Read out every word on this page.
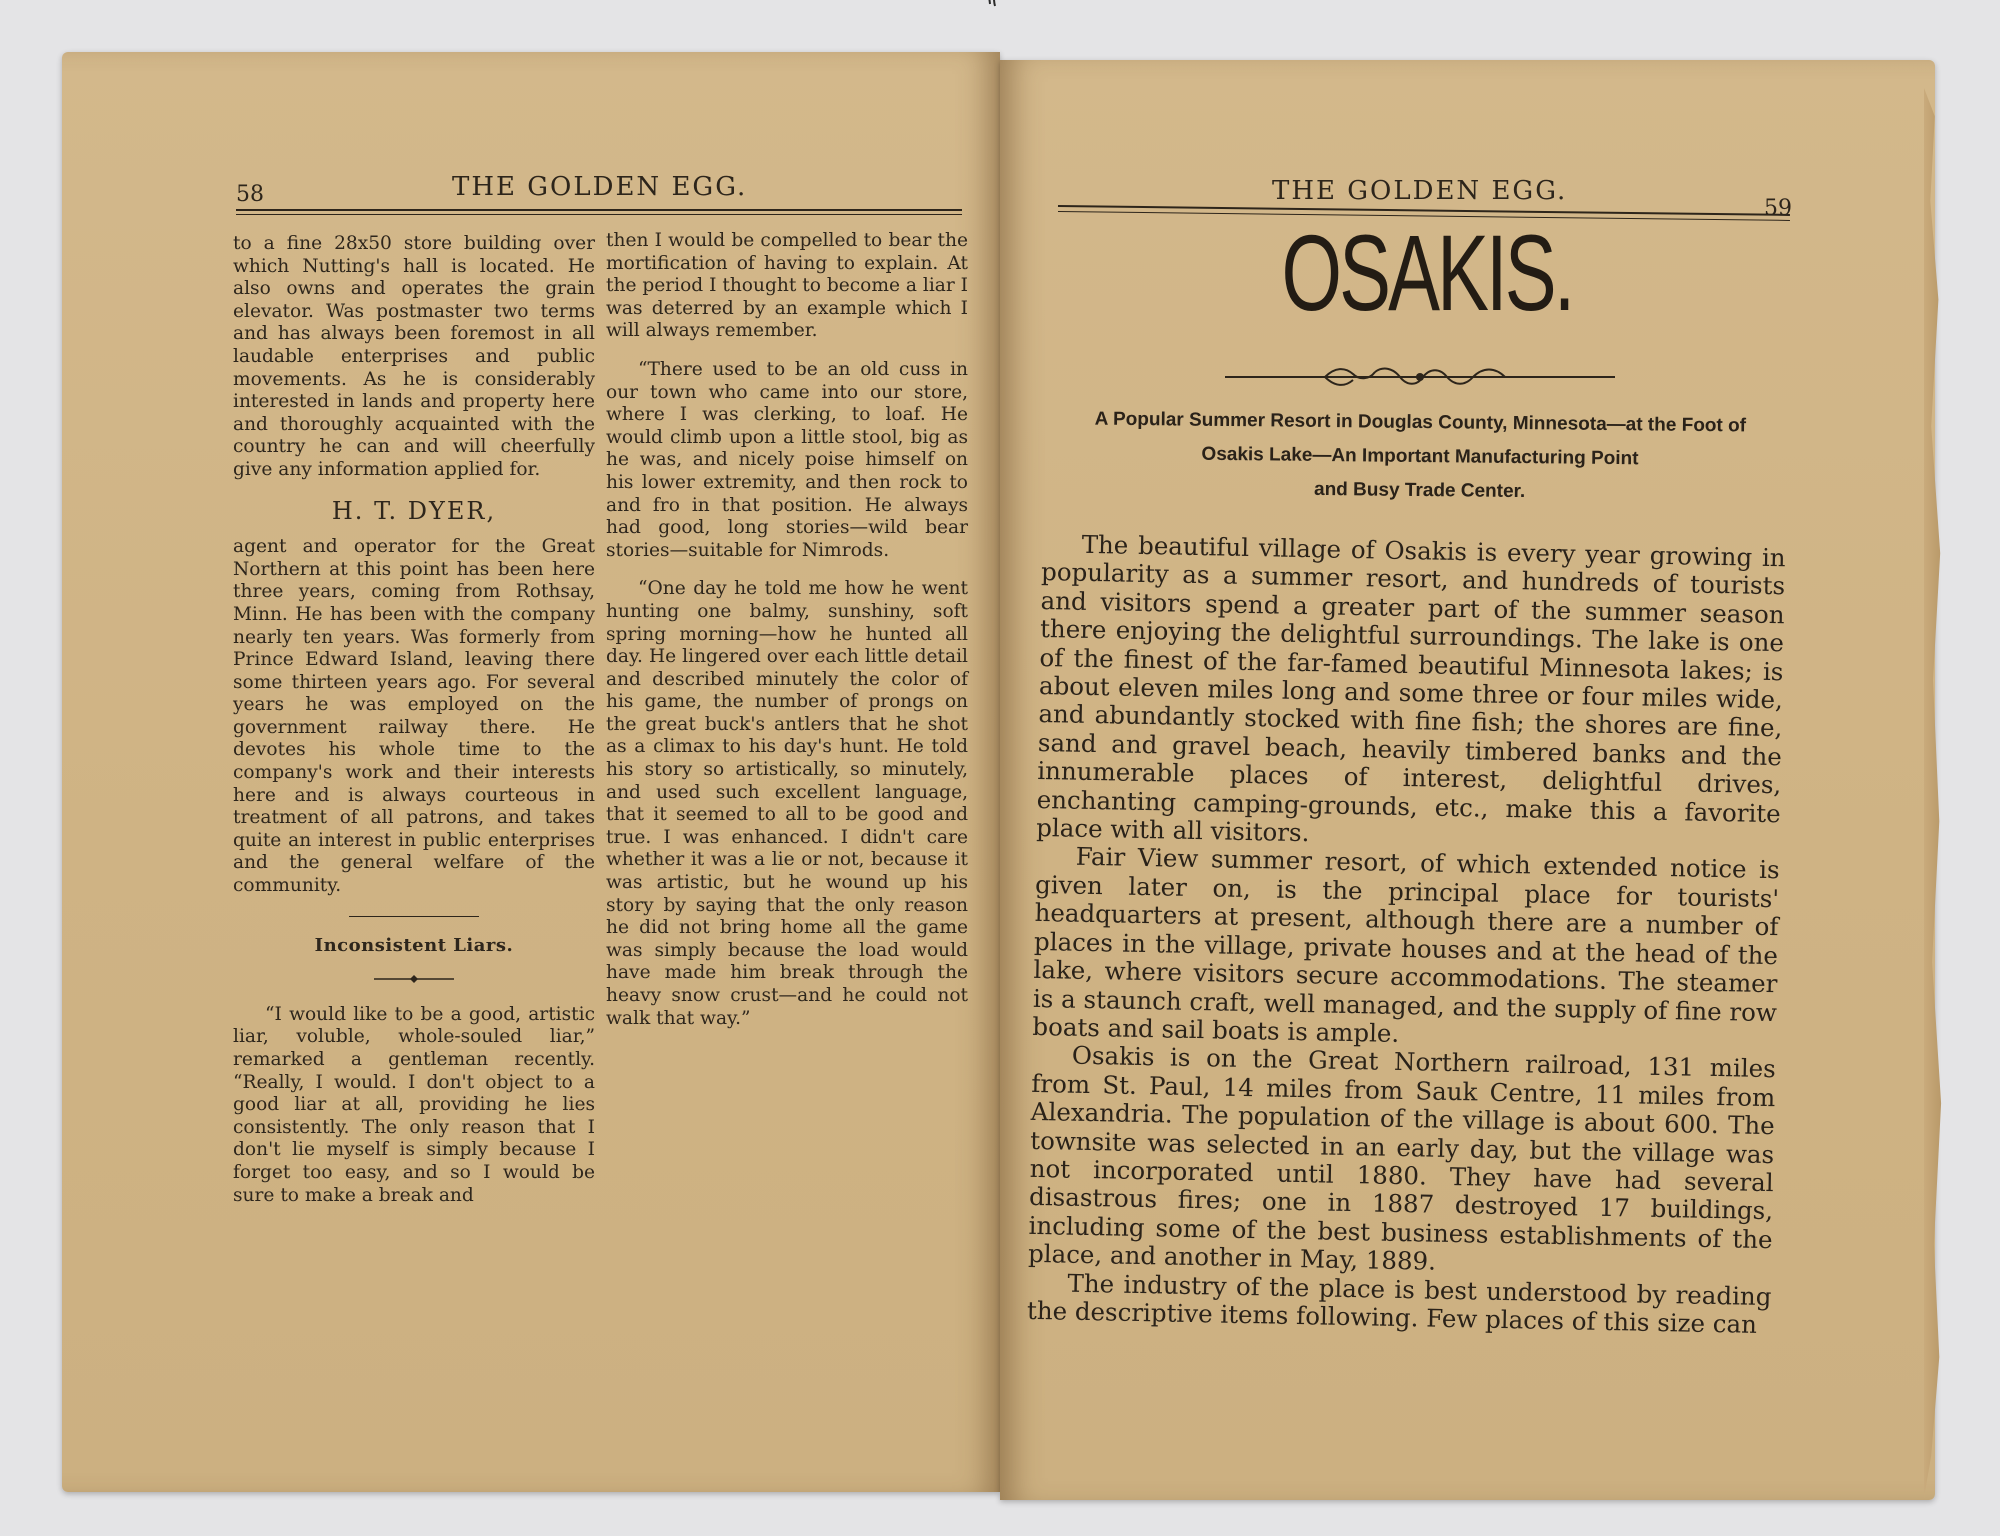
58	THE GOLDEN EGG.

to a fine 28x50 store building over which Nutting's hall is located. He also owns and operates the grain elevator. Was postmaster two terms and has always been foremost in all laudable enterprises and public movements. As he is considerably interested in lands and property here and thoroughly acquainted with the country he can and will cheerfully give any information applied for.

H. T. DYER,

agent and operator for the Great Northern at this point has been here three years, coming from Rothsay, Minn. He has been with the company nearly ten years. Was formerly from Prince Edward Island, leaving there some thirteen years ago. For several years he was employed on the government railway there. He devotes his whole time to the company's work and their interests here and is always courteous in treatment of all patrons, and takes quite an interest in public enterprises and the general welfare of the community.

Inconsistent Liars.

“I would like to be a good, artistic liar, voluble, whole-souled liar,” remarked a gentleman recently. “Really, I would. I don't object to a good liar at all, providing he lies consistently. The only reason that I don't lie myself is simply because I forget too easy, and so I would be sure to make a break and

then I would be compelled to bear the mortification of having to explain. At the period I thought to become a liar I was deterred by an example which I will always remember.

“There used to be an old cuss in our town who came into our store, where I was clerking, to loaf. He would climb upon a little stool, big as he was, and nicely poise himself on his lower extremity, and then rock to and fro in that position. He always had good, long stories—wild bear stories—suitable for Nimrods.

“One day he told me how he went hunting one balmy, sunshiny, soft spring morning—how he hunted all day. He lingered over each little detail and described minutely the color of his game, the number of prongs on the great buck's antlers that he shot as a climax to his day's hunt. He told his story so artistically, so minutely, and used such excellent language, that it seemed to all to be good and true. I was enhanced. I didn't care whether it was a lie or not, because it was artistic, but he wound up his story by saying that the only reason he did not bring home all the game was simply because the load would have made him break through the heavy snow crust—and he could not walk that way.”

THE GOLDEN EGG.
59
OSAKIS.
A Popular Summer Resort in Douglas County, Minnesota—at the Foot of
Osakis Lake—An Important Manufacturing Point
and Busy Trade Center.

The beautiful village of Osakis is every year growing in popularity as a summer resort, and hundreds of tourists and visitors spend a greater part of the summer season there enjoying the delightful surroundings. The lake is one of the finest of the far-famed beautiful Minnesota lakes; is about eleven miles long and some three or four miles wide, and abundantly stocked with fine fish; the shores are fine, sand and gravel beach, heavily timbered banks and the innumerable places of interest, delightful drives, enchanting camping-grounds, etc., make this a favorite place with all visitors.

Fair View summer resort, of which extended notice is given later on, is the principal place for tourists' headquarters at present, although there are a number of places in the village, private houses and at the head of the lake, where visitors secure accommodations. The steamer is a staunch craft, well managed, and the supply of fine row boats and sail boats is ample.

Osakis is on the Great Northern railroad, 131 miles from St. Paul, 14 miles from Sauk Centre, 11 miles from Alexandria. The population of the village is about 600. The townsite was selected in an early day, but the village was not incorporated until 1880. They have had several disastrous fires; one in 1887 destroyed 17 buildings, including some of the best business establishments of the place, and another in May, 1889.

The industry of the place is best understood by reading the descriptive items following. Few places of this size can
